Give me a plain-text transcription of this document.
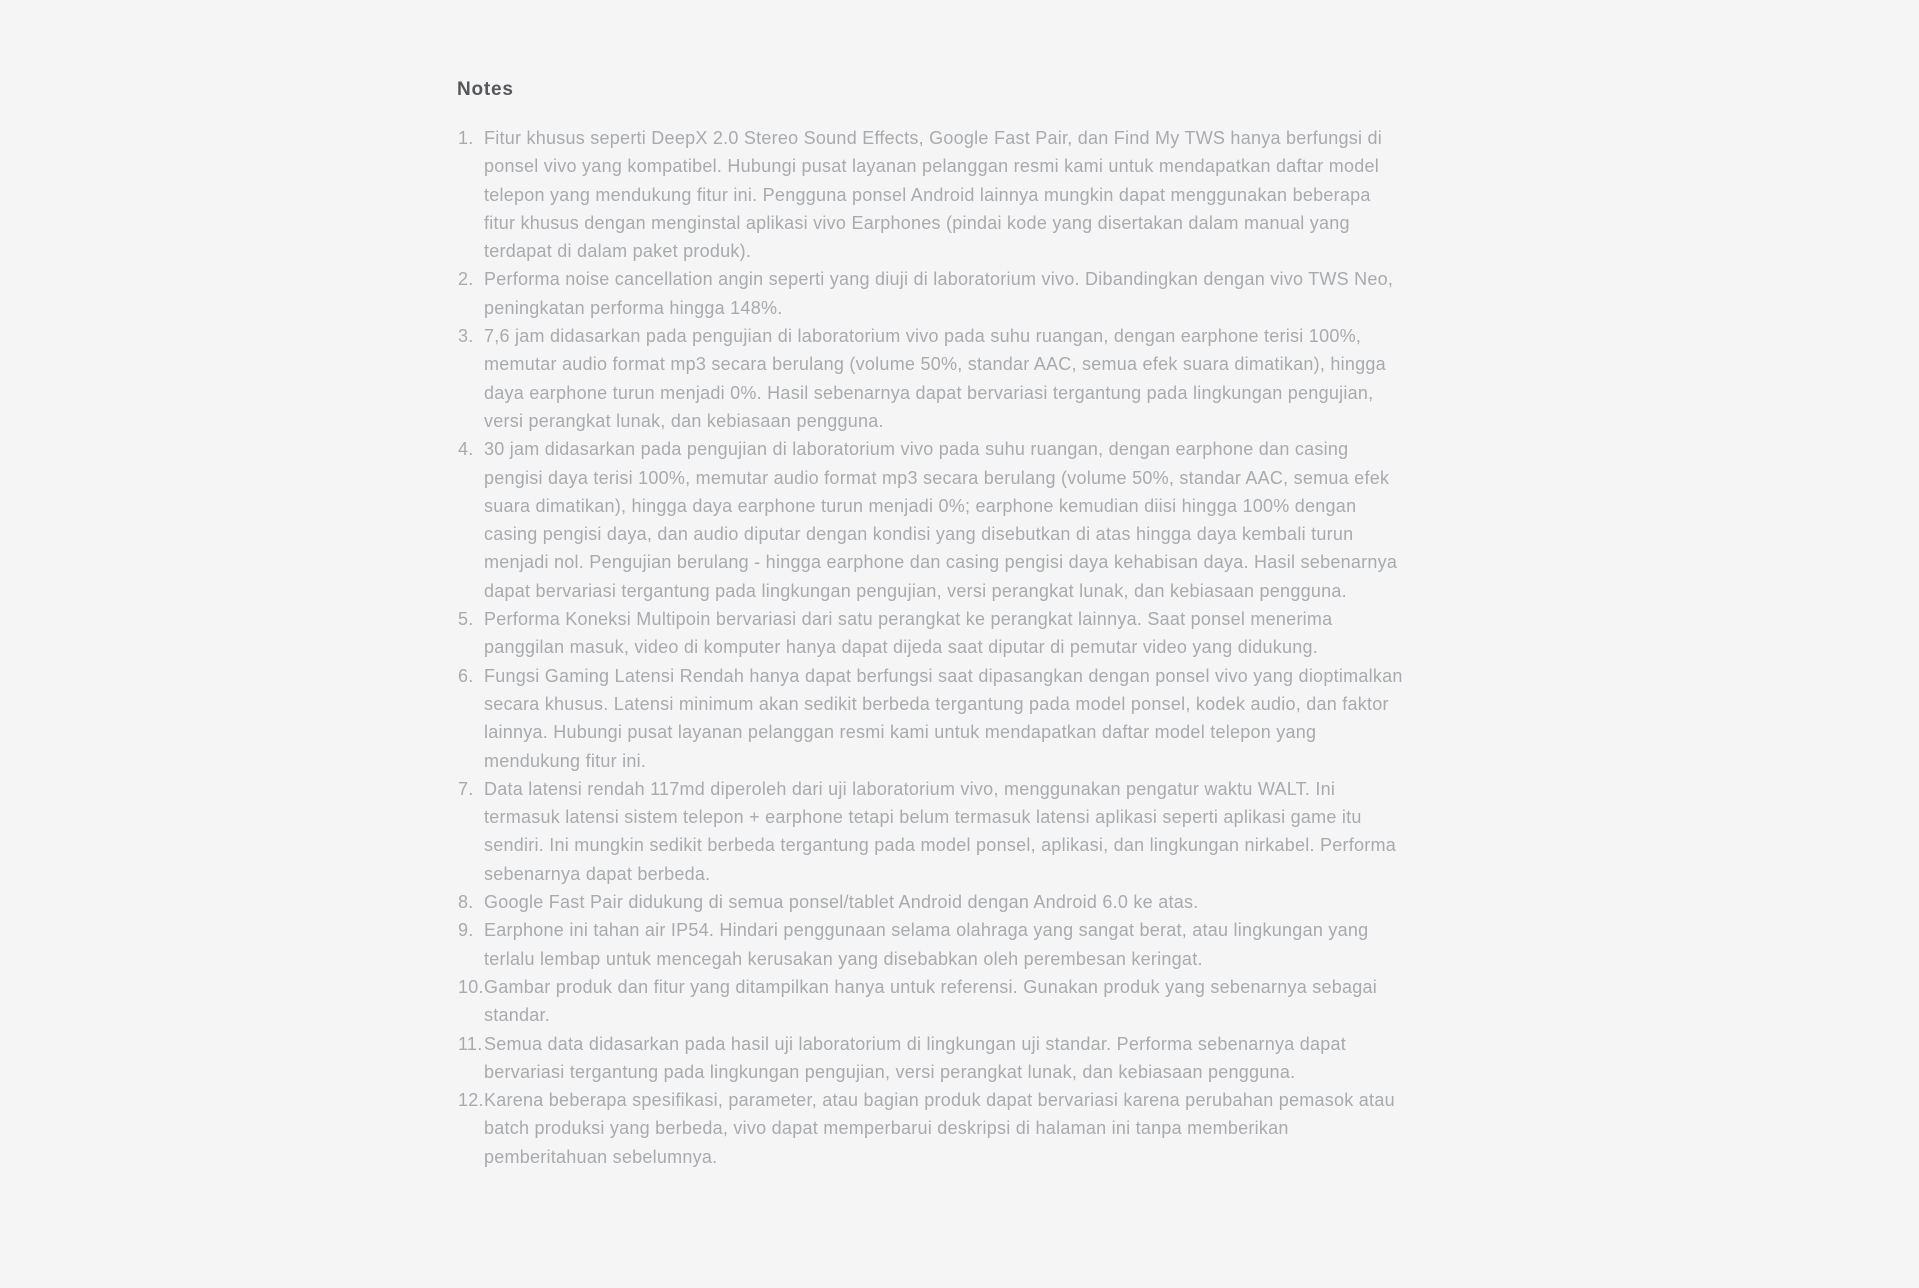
Notes
Fitur khusus seperti DeepX 2.0 Stereo Sound Effects, Google Fast Pair, dan Find My TWS hanya berfungsi di ponsel vivo yang kompatibel. Hubungi pusat layanan pelanggan resmi kami untuk mendapatkan daftar model telepon yang mendukung fitur ini. Pengguna ponsel Android lainnya mungkin dapat menggunakan beberapa fitur khusus dengan menginstal aplikasi vivo Earphones (pindai kode yang disertakan dalam manual yang terdapat di dalam paket produk).
Performa noise cancellation angin seperti yang diuji di laboratorium vivo. Dibandingkan dengan vivo TWS Neo, peningkatan performa hingga 148%.
7,6 jam didasarkan pada pengujian di laboratorium vivo pada suhu ruangan, dengan earphone terisi 100%, memutar audio format mp3 secara berulang (volume 50%, standar AAC, semua efek suara dimatikan), hingga daya earphone turun menjadi 0%. Hasil sebenarnya dapat bervariasi tergantung pada lingkungan pengujian, versi perangkat lunak, dan kebiasaan pengguna.
30 jam didasarkan pada pengujian di laboratorium vivo pada suhu ruangan, dengan earphone dan casing pengisi daya terisi 100%, memutar audio format mp3 secara berulang (volume 50%, standar AAC, semua efek suara dimatikan), hingga daya earphone turun menjadi 0%; earphone kemudian diisi hingga 100% dengan casing pengisi daya, dan audio diputar dengan kondisi yang disebutkan di atas hingga daya kembali turun menjadi nol. Pengujian berulang - hingga earphone dan casing pengisi daya kehabisan daya. Hasil sebenarnya dapat bervariasi tergantung pada lingkungan pengujian, versi perangkat lunak, dan kebiasaan pengguna.
Performa Koneksi Multipoin bervariasi dari satu perangkat ke perangkat lainnya. Saat ponsel menerima panggilan masuk, video di komputer hanya dapat dijeda saat diputar di pemutar video yang didukung.
Fungsi Gaming Latensi Rendah hanya dapat berfungsi saat dipasangkan dengan ponsel vivo yang dioptimalkan secara khusus. Latensi minimum akan sedikit berbeda tergantung pada model ponsel, kodek audio, dan faktor lainnya. Hubungi pusat layanan pelanggan resmi kami untuk mendapatkan daftar model telepon yang mendukung fitur ini.
Data latensi rendah 117md diperoleh dari uji laboratorium vivo, menggunakan pengatur waktu WALT. Ini termasuk latensi sistem telepon + earphone tetapi belum termasuk latensi aplikasi seperti aplikasi game itu sendiri. Ini mungkin sedikit berbeda tergantung pada model ponsel, aplikasi, dan lingkungan nirkabel. Performa sebenarnya dapat berbeda.
Google Fast Pair didukung di semua ponsel/tablet Android dengan Android 6.0 ke atas.
Earphone ini tahan air IP54. Hindari penggunaan selama olahraga yang sangat berat, atau lingkungan yang terlalu lembap untuk mencegah kerusakan yang disebabkan oleh perembesan keringat.
Gambar produk dan fitur yang ditampilkan hanya untuk referensi. Gunakan produk yang sebenarnya sebagai standar.
Semua data didasarkan pada hasil uji laboratorium di lingkungan uji standar. Performa sebenarnya dapat bervariasi tergantung pada lingkungan pengujian, versi perangkat lunak, dan kebiasaan pengguna.
Karena beberapa spesifikasi, parameter, atau bagian produk dapat bervariasi karena perubahan pemasok atau batch produksi yang berbeda, vivo dapat memperbarui deskripsi di halaman ini tanpa memberikan pemberitahuan sebelumnya.
